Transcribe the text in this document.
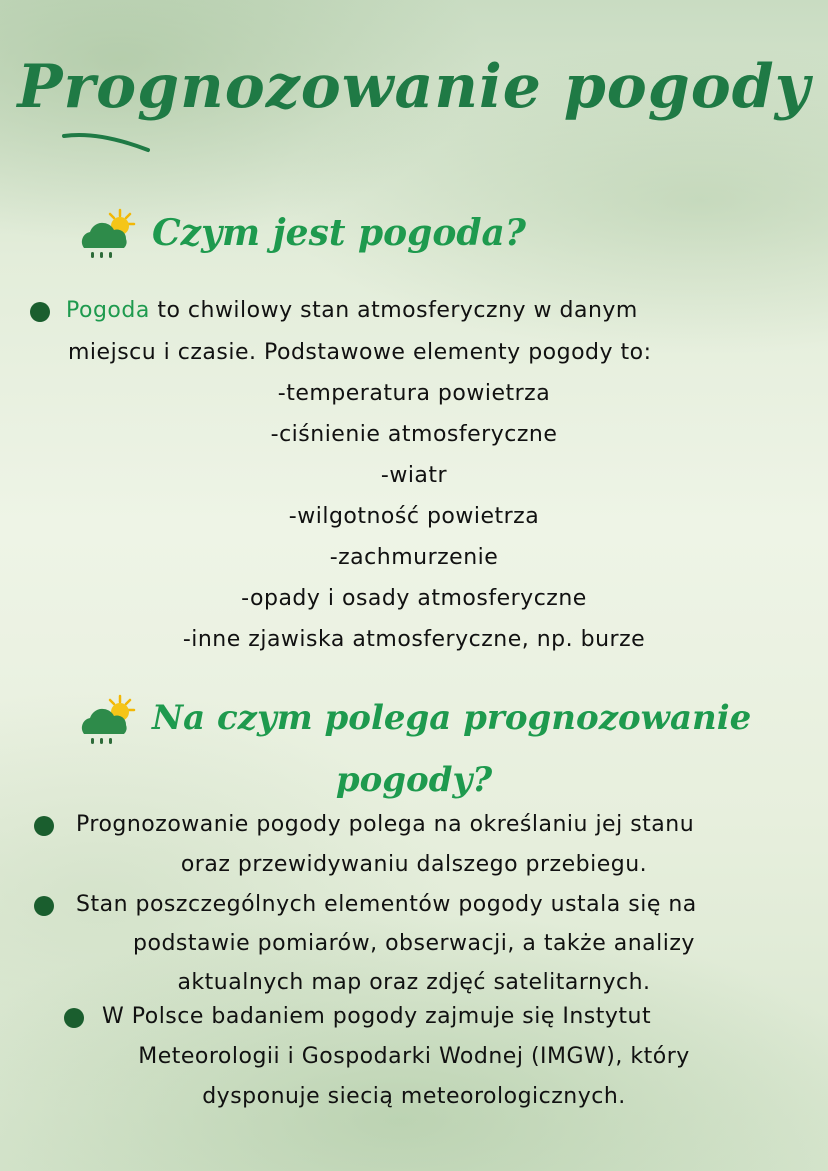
Prognozowanie pogody
Czym jest pogoda?
Pogoda to chwilowy stan atmosferyczny w danym
miejscu i czasie. Podstawowe elementy pogody to:
-temperatura powietrza
-ciśnienie atmosferyczne
-wiatr
-wilgotność powietrza
-zachmurzenie
-opady i osady atmosferyczne
-inne zjawiska atmosferyczne, np. burze
Na czym polega prognozowanie
pogody?
Prognozowanie pogody polega na określaniu jej stanu
oraz przewidywaniu dalszego przebiegu.
Stan poszczególnych elementów pogody ustala się na
podstawie pomiarów, obserwacji, a także analizy
aktualnych map oraz zdjęć satelitarnych.
W Polsce badaniem pogody zajmuje się Instytut
Meteorologii i Gospodarki Wodnej (IMGW), który
dysponuje siecią meteorologicznych.
